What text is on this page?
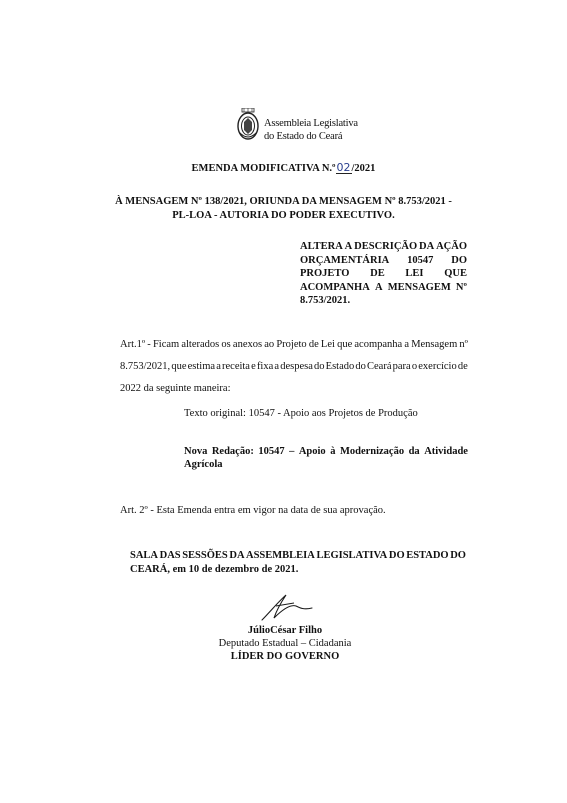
Assembleia Legislativa
do Estado do Ceará
EMENDA MODIFICATIVA N.º02/2021
À MENSAGEM Nº 138/2021, ORIUNDA DA MENSAGEM Nº 8.753/2021 -
PL-LOA - AUTORIA DO PODER EXECUTIVO.
ALTERA A DESCRIÇÃO DA AÇÃO
ORÇAMENTÁRIA 10547 DO
PROJETO DE LEI QUE
ACOMPANHA A MENSAGEM Nº
8.753/2021.
Art.1º - Ficam alterados os anexos ao Projeto de Lei que acompanha a Mensagem nº
8.753/2021, que estima a receita e fixa a despesa do Estado do Ceará para o exercício de
2022 da seguinte maneira:
Texto original: 10547 - Apoio aos Projetos de Produção
Nova Redação: 10547 – Apoio à Modernização da Atividade
Agrícola
Art. 2º - Esta Emenda entra em vigor na data de sua aprovação.
SALA DAS SESSÕES DA ASSEMBLEIA LEGISLATIVA DO ESTADO DO
CEARÁ, em 10 de dezembro de 2021.
JúlioCésar Filho
Deputado Estadual – Cidadania
LÍDER DO GOVERNO
